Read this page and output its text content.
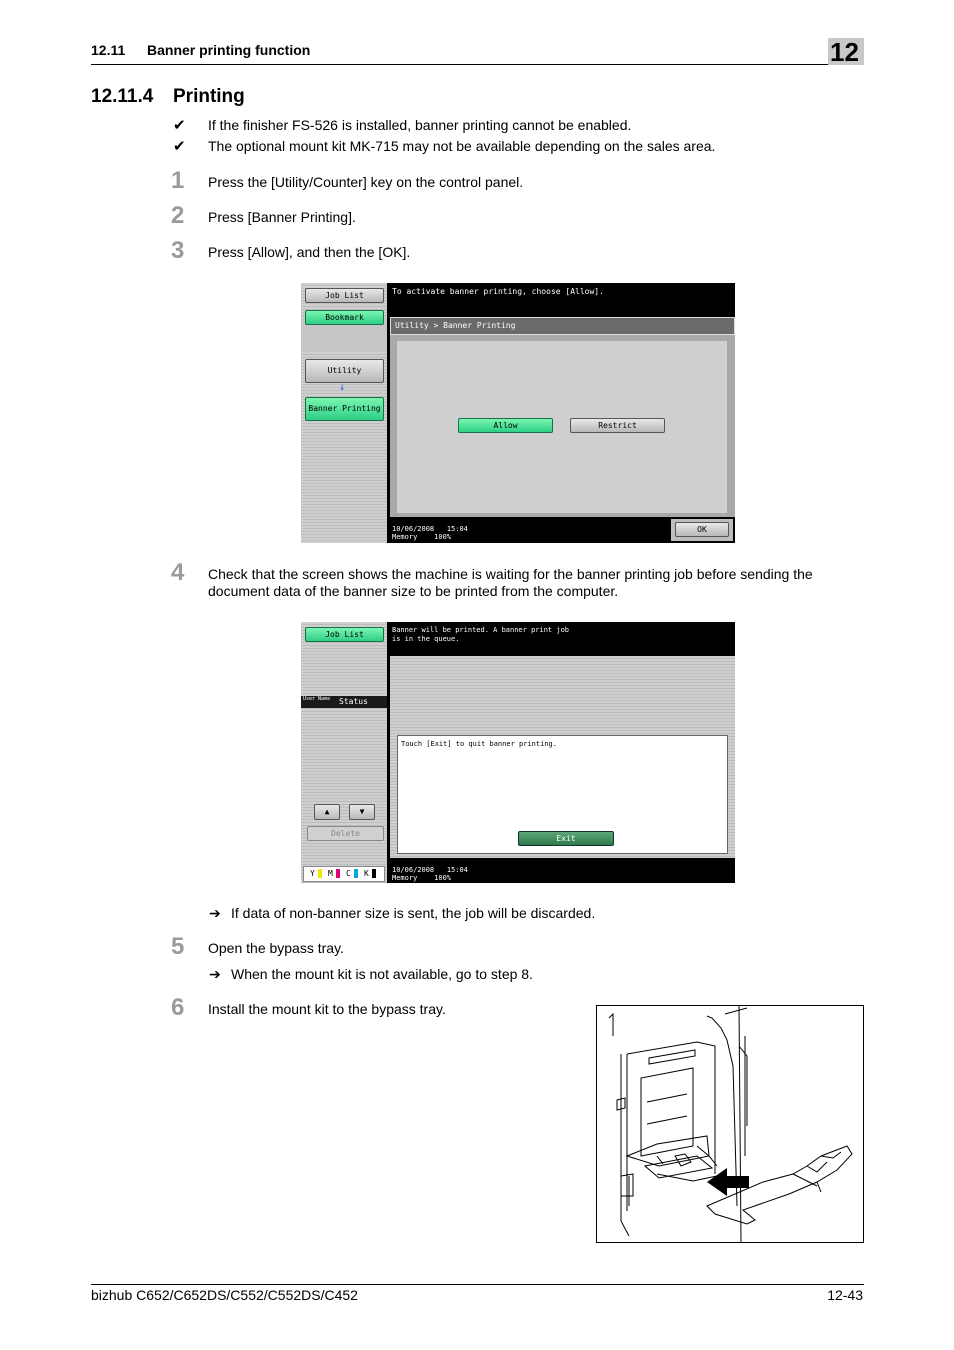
12.11 Banner printing function	12
12.11.4 Printing
✔ If the finisher FS-526 is installed, banner printing cannot be enabled.
✔ The optional mount kit MK-715 may not be available depending on the sales area.
1 Press the [Utility/Counter] key on the control panel.
2 Press [Banner Printing].
3 Press [Allow], and then the [OK].
Job List
Bookmark
Utility
↓
Banner Printing
To activate banner printing, choose [Allow].
Utility > Banner Printing
Allow	Restrict
10/06/2008 15:04
Memory 100%
OK
4 Check that the screen shows the machine is waiting for the banner printing job before sending the
document data of the banner size to be printed from the computer.
Job List
User Name Status
▲	▼
Delete
Y M C K
Banner will be printed. A banner print job
is in the queue.
Touch [Exit] to quit banner printing.
Exit
10/06/2008 15:04
Memory 100%
➔ If data of non-banner size is sent, the job will be discarded.
5 Open the bypass tray.
➔ When the mount kit is not available, go to step 8.
6 Install the mount kit to the bypass tray.
bizhub C652/C652DS/C552/C552DS/C452	12-43
